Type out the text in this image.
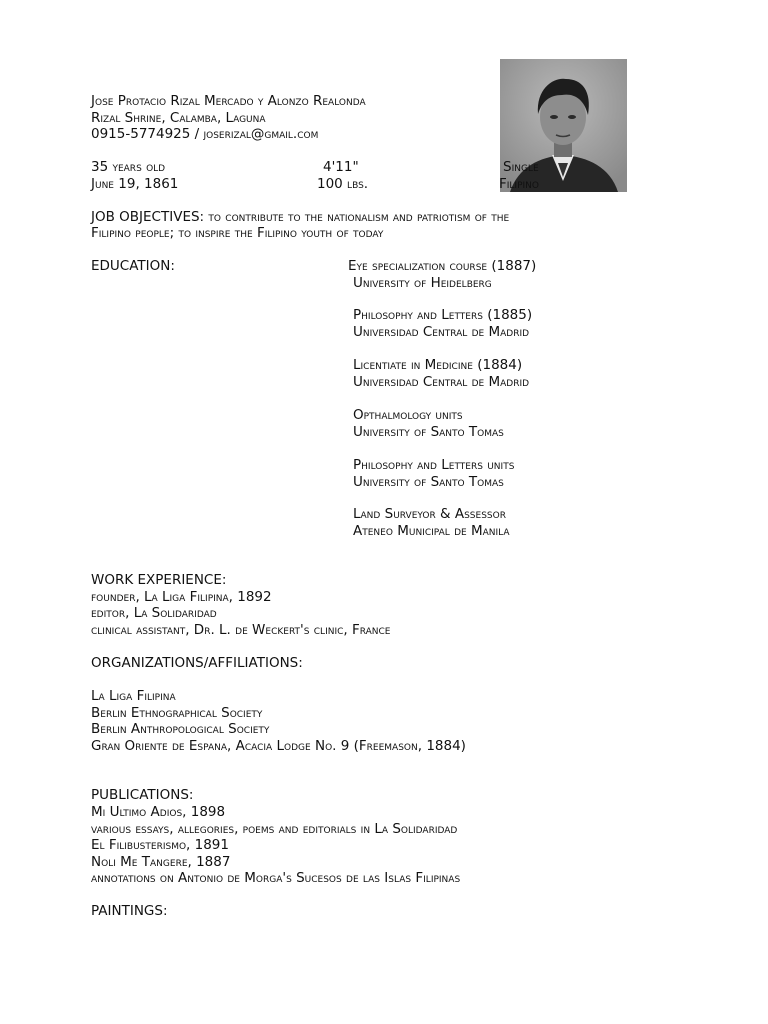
Jose Protacio Rizal Mercado y Alonzo Realonda
Rizal Shrine, Calamba, Laguna
0915-5774925 / joserizal@gmail.com
35 years old
June 19, 1861
4'11"
100 lbs.
Single
Filipino
JOB OBJECTIVES: to contribute to the nationalism and patriotism of the
Filipino people; to inspire the Filipino youth of today
EDUCATION:	Eye specialization course (1887)
University of Heidelberg
Philosophy and Letters (1885)
Universidad Central de Madrid
Licentiate in Medicine (1884)
Universidad Central de Madrid
Opthalmology units
University of Santo Tomas
Philosophy and Letters units
University of Santo Tomas
Land Surveyor & Assessor
Ateneo Municipal de Manila
WORK EXPERIENCE:
founder, La Liga Filipina, 1892
editor, La Solidaridad
clinical assistant, Dr. L. de Weckert's clinic, France
ORGANIZATIONS/AFFILIATIONS:
La Liga Filipina
Berlin Ethnographical Society
Berlin Anthropological Society
Gran Oriente de Espana, Acacia Lodge No. 9 (Freemason, 1884)
PUBLICATIONS:
Mi Ultimo Adios, 1898
various essays, allegories, poems and editorials in La Solidaridad
El Filibusterismo, 1891
Noli Me Tangere, 1887
annotations on Antonio de Morga's Sucesos de las Islas Filipinas
PAINTINGS:
